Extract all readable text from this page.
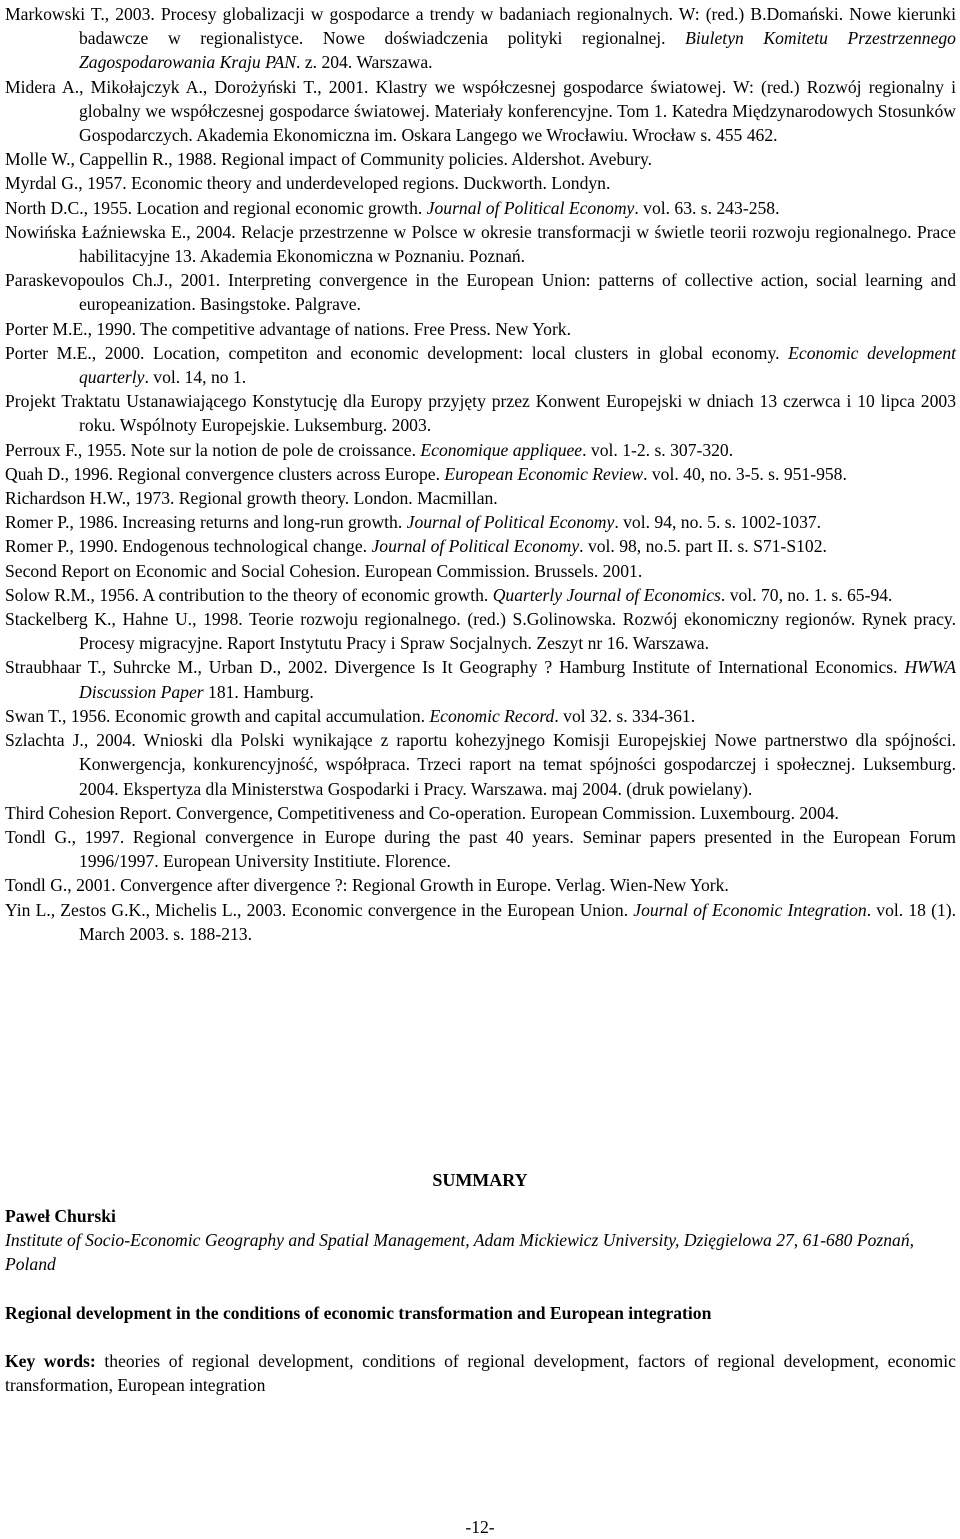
Markowski T., 2003. Procesy globalizacji w gospodarce a trendy w badaniach regionalnych. W: (red.) B.Domański. Nowe kierunki badawcze w regionalistyce. Nowe doświadczenia polityki regionalnej. Biuletyn Komitetu Przestrzennego Zagospodarowania Kraju PAN. z. 204. Warszawa.

Midera A., Mikołajczyk A., Dorożyński T., 2001. Klastry we współczesnej gospodarce światowej. W: (red.) Rozwój regionalny i globalny we współczesnej gospodarce światowej. Materiały konferencyjne. Tom 1. Katedra Międzynarodowych Stosunków Gospodarczych. Akademia Ekonomiczna im. Oskara Langego we Wrocławiu. Wrocław s. 455 462.

Molle W., Cappellin R., 1988. Regional impact of Community policies. Aldershot. Avebury.

Myrdal G., 1957. Economic theory and underdeveloped regions. Duckworth. Londyn.

North D.C., 1955. Location and regional economic growth. Journal of Political Economy. vol. 63. s. 243-258.

Nowińska Łaźniewska E., 2004. Relacje przestrzenne w Polsce w okresie transformacji w świetle teorii rozwoju regionalnego. Prace habilitacyjne 13. Akademia Ekonomiczna w Poznaniu. Poznań.

Paraskevopoulos Ch.J., 2001. Interpreting convergence in the European Union: patterns of collective action, social learning and europeanization. Basingstoke. Palgrave.

Porter M.E., 1990. The competitive advantage of nations. Free Press. New York.

Porter M.E., 2000. Location, competiton and economic development: local clusters in global economy. Economic development quarterly. vol. 14, no 1.

Projekt Traktatu Ustanawiającego Konstytucję dla Europy przyjęty przez Konwent Europejski w dniach 13 czerwca i 10 lipca 2003 roku. Wspólnoty Europejskie. Luksemburg. 2003.

Perroux F., 1955. Note sur la notion de pole de croissance. Economique appliquee. vol. 1-2. s. 307-320.

Quah D., 1996. Regional convergence clusters across Europe. European Economic Review. vol. 40, no. 3-5. s. 951-958.

Richardson H.W., 1973. Regional growth theory. London. Macmillan.

Romer P., 1986. Increasing returns and long-run growth. Journal of Political Economy. vol. 94, no. 5. s. 1002-1037.

Romer P., 1990. Endogenous technological change. Journal of Political Economy. vol. 98, no.5. part II. s. S71-S102.

Second Report on Economic and Social Cohesion. European Commission. Brussels. 2001.

Solow R.M., 1956. A contribution to the theory of economic growth. Quarterly Journal of Economics. vol. 70, no. 1. s. 65-94.

Stackelberg K., Hahne U., 1998. Teorie rozwoju regionalnego. (red.) S.Golinowska. Rozwój ekonomiczny regionów. Rynek pracy. Procesy migracyjne. Raport Instytutu Pracy i Spraw Socjalnych. Zeszyt nr 16. Warszawa.

Straubhaar T., Suhrcke M., Urban D., 2002. Divergence Is It Geography ? Hamburg Institute of International Economics. HWWA Discussion Paper 181. Hamburg.

Swan T., 1956. Economic growth and capital accumulation. Economic Record. vol 32. s. 334-361.

Szlachta J., 2004. Wnioski dla Polski wynikające z raportu kohezyjnego Komisji Europejskiej Nowe partnerstwo dla spójności. Konwergencja, konkurencyjność, współpraca. Trzeci raport na temat spójności gospodarczej i społecznej. Luksemburg. 2004. Ekspertyza dla Ministerstwa Gospodarki i Pracy. Warszawa. maj 2004. (druk powielany).

Third Cohesion Report. Convergence, Competitiveness and Co-operation. European Commission. Luxembourg. 2004.

Tondl G., 1997. Regional convergence in Europe during the past 40 years. Seminar papers presented in the European Forum 1996/1997. European University Institiute. Florence.

Tondl G., 2001. Convergence after divergence ?: Regional Growth in Europe. Verlag. Wien-New York.

Yin L., Zestos G.K., Michelis L., 2003. Economic convergence in the European Union. Journal of Economic Integration. vol. 18 (1). March 2003. s. 188-213.

SUMMARY

Paweł Churski

Institute of Socio-Economic Geography and Spatial Management, Adam Mickiewicz University, Dzięgielowa 27, 61-680 Poznań, Poland

Regional development in the conditions of economic transformation and European integration

Key words: theories of regional development, conditions of regional development, factors of regional development, economic transformation, European integration

-12-
